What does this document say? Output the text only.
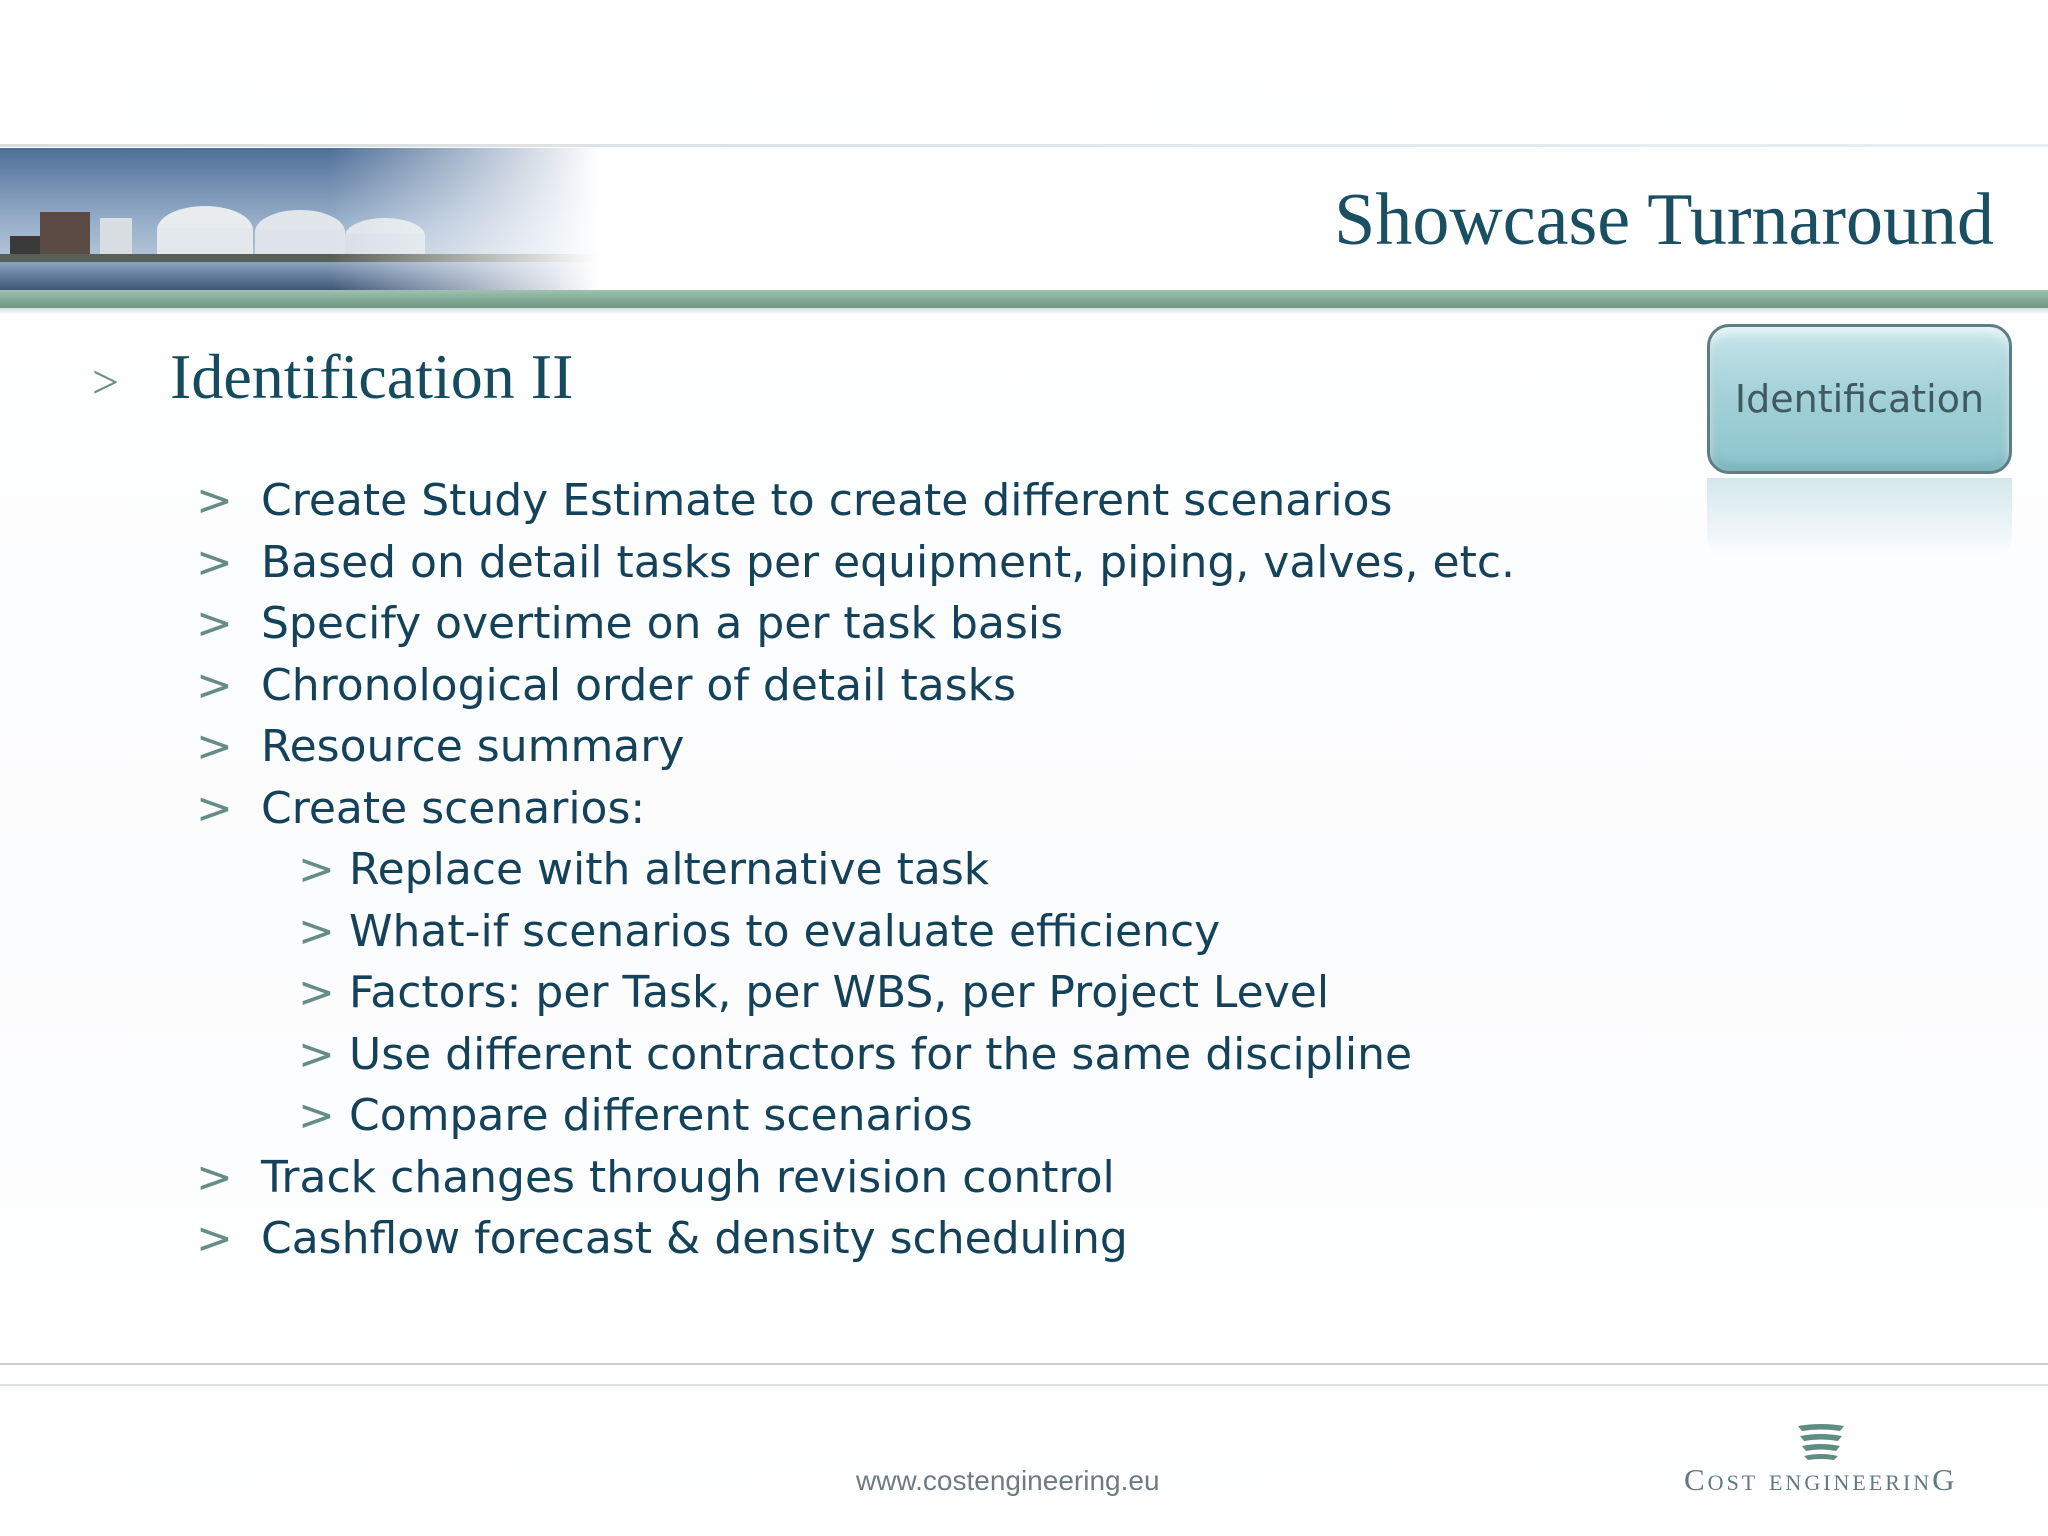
Showcase Turnaround
> Identification II	Identification
> Create Study Estimate to create different scenarios
> Based on detail tasks per equipment, piping, valves, etc.
> Specify overtime on a per task basis
> Chronological order of detail tasks
> Resource summary
> Create scenarios:
> Replace with alternative task
> What-if scenarios to evaluate efficiency
> Factors: per Task, per WBS, per Project Level
> Use different contractors for the same discipline
> Compare different scenarios
> Track changes through revision control
> Cashflow forecast & density scheduling
www.costengineering.eu	Cost engineerinG
